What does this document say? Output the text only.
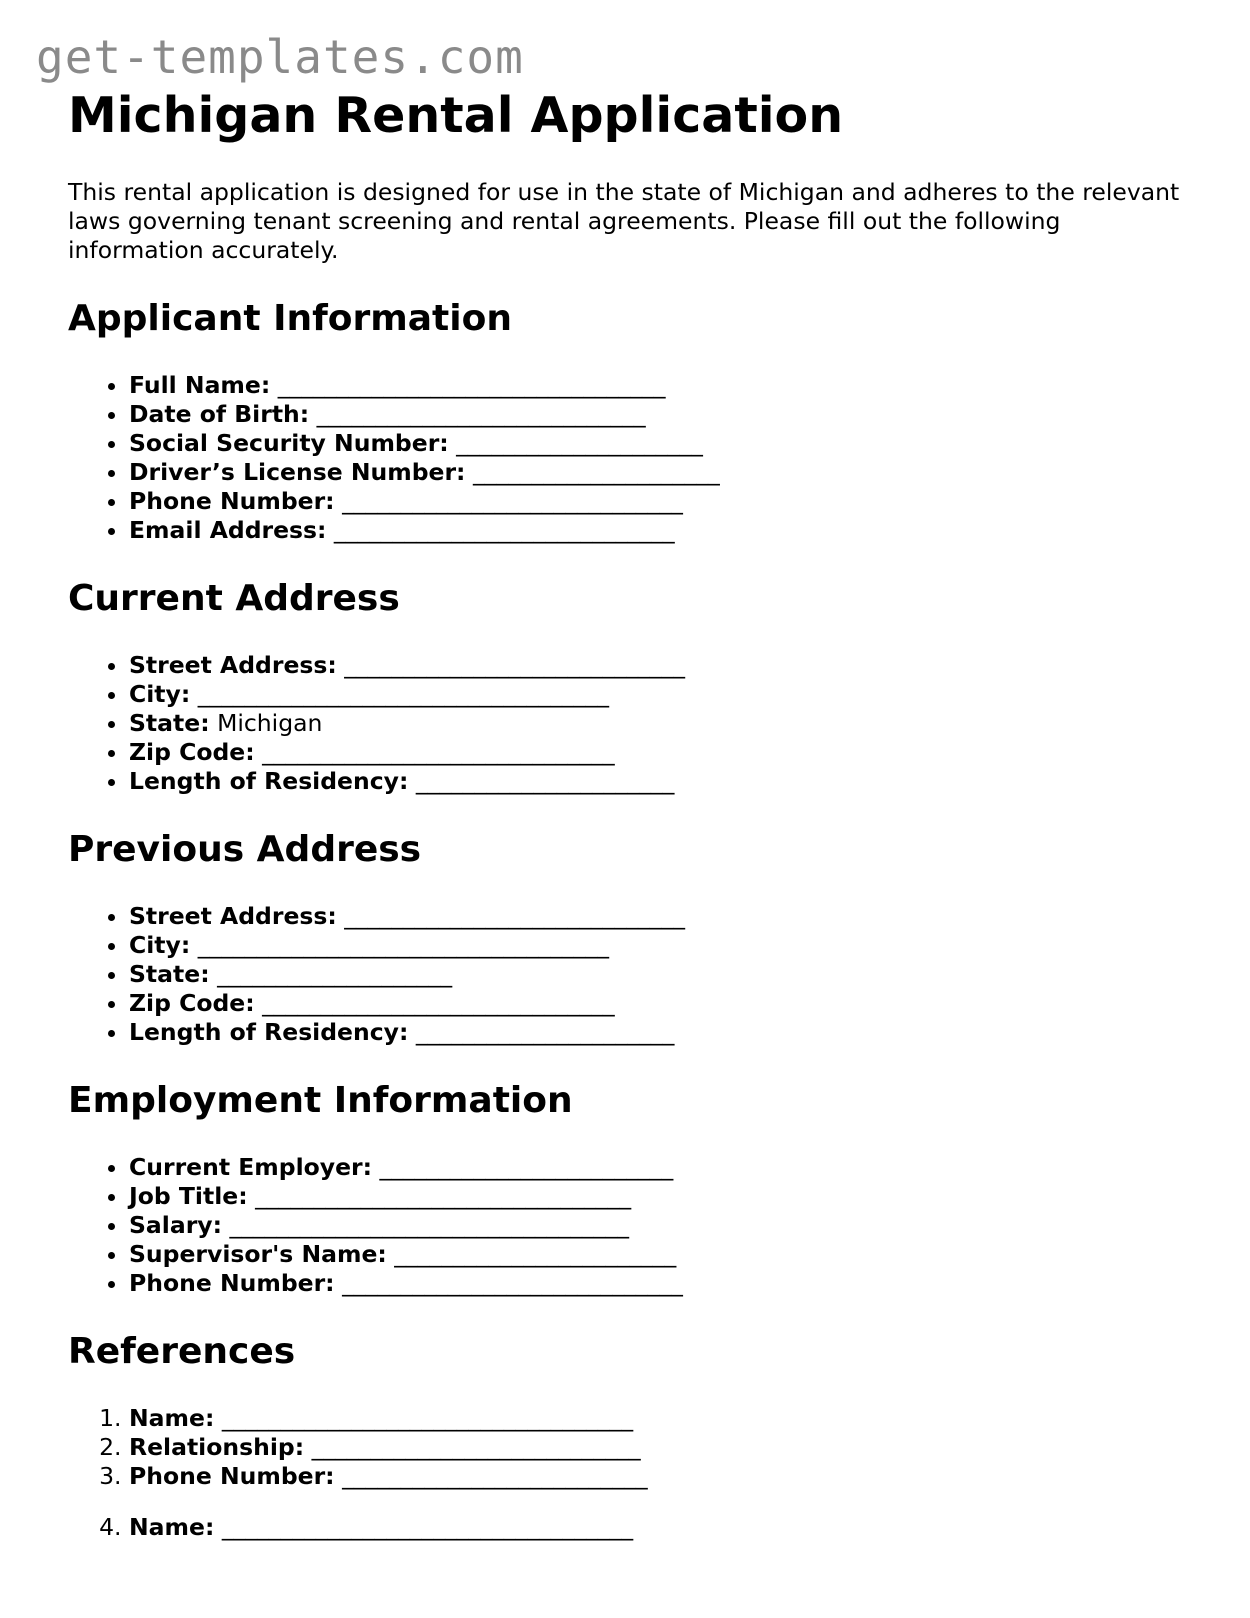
get-templates.com
Michigan Rental Application

This rental application is designed for use in the state of Michigan and adheres to the relevant laws governing tenant screening and rental agreements. Please fill out the following information accurately.

Applicant Information
• Full Name: _________________________________
• Date of Birth: ____________________________
• Social Security Number: _____________________
• Driver’s License Number: _____________________
• Phone Number: _____________________________
• Email Address: _____________________________
Current Address
• Street Address: _____________________________
• City: ___________________________________
• State: Michigan
• Zip Code: ______________________________
• Length of Residency: ______________________
Previous Address
• Street Address: _____________________________
• City: ___________________________________
• State: ____________________
• Zip Code: ______________________________
• Length of Residency: ______________________
Employment Information
• Current Employer: _________________________
• Job Title: ________________________________
• Salary: __________________________________
• Supervisor's Name: ________________________
• Phone Number: _____________________________
References
1. Name: ___________________________________
2. Relationship: ____________________________
3. Phone Number: __________________________
4. Name: ___________________________________
